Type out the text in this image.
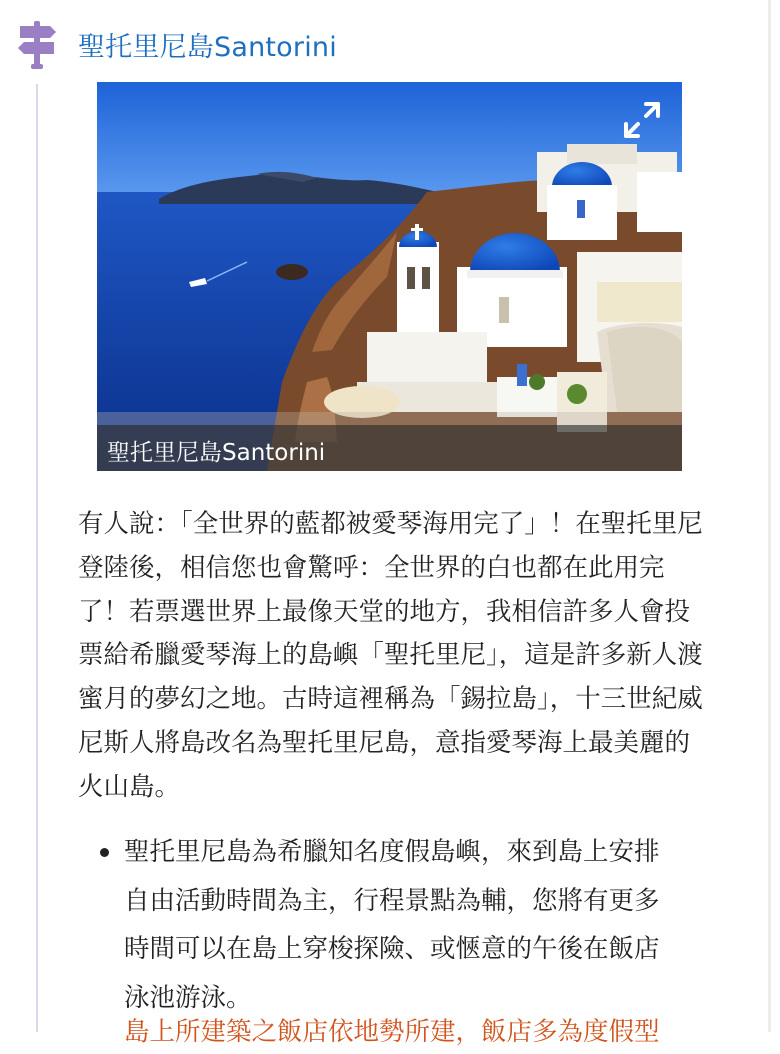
聖托里尼島Santorini
聖托里尼島Santorini
有人說：「全世界的藍都被愛琴海用完了」！在聖托里尼
登陸後，相信您也會驚呼：全世界的白也都在此用完
了！若票選世界上最像天堂的地方，我相信許多人會投
票給希臘愛琴海上的島嶼「聖托里尼」，這是許多新人渡
蜜月的夢幻之地。古時這裡稱為「錫拉島」，十三世紀威
尼斯人將島改名為聖托里尼島，意指愛琴海上最美麗的
火山島。
聖托里尼島為希臘知名度假島嶼，來到島上安排
自由活動時間為主，行程景點為輔，您將有更多
時間可以在島上穿梭探險、或愜意的午後在飯店
泳池游泳。
島上所建築之飯店依地勢所建，飯店多為度假型
